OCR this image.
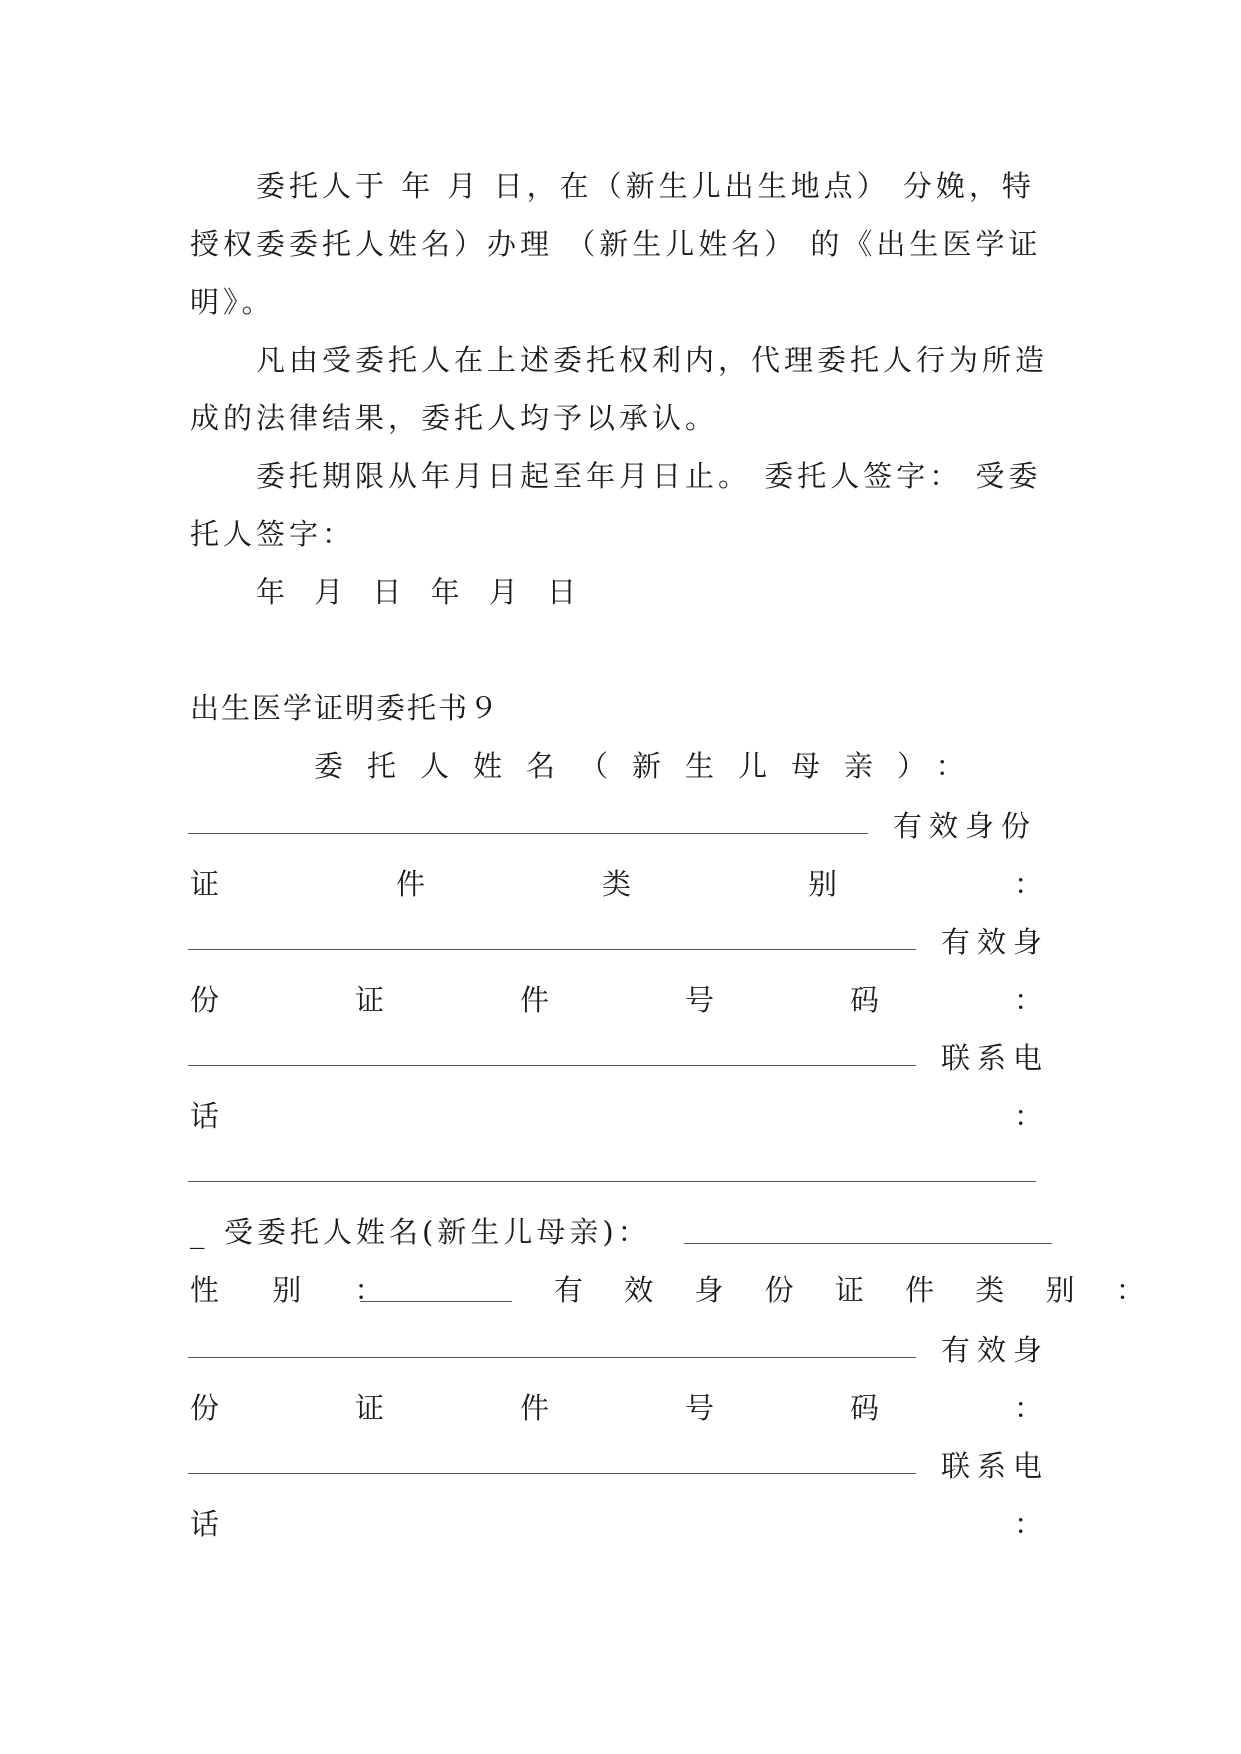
委托人于 年 月 日，在（新生儿出生地点） 分娩，特
授权委委托人姓名）办理 （新生儿姓名） 的《出生医学证
明》。
凡由受委托人在上述委托权利内，代理委托人行为所造
成的法律结果，委托人均予以承认。
委托期限从年月日起至年月日止。 委托人签字： 受委
托人签字：
年 月 日 年 月 日
出生医学证明委托书９
委托人姓名（新生儿母亲）：
有效身份
证	件	类	别	：
有效身
份	证	件	号	码	：
联系电
话	：
_ 受委托人姓名(新生儿母亲)：
性 别 ：	有 效 身 份 证 件 类 别 ：
有效身
份	证	件	号	码	：
联系电
话	：
